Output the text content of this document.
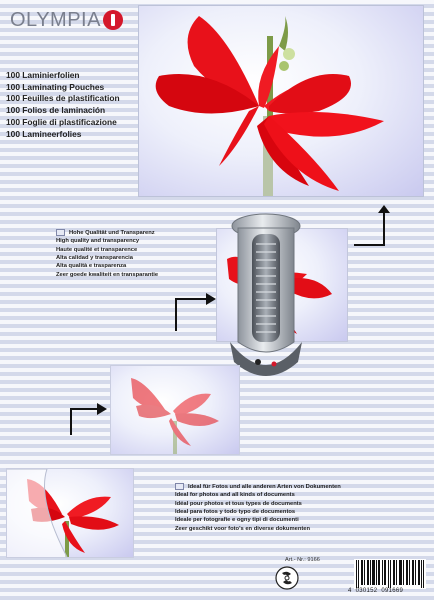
OLYMPIA
100 Laminierfolien
100 Laminating Pouches
100 Feuilles de plastification
100 Folios de laminación
100 Foglie di plastificazione
100 Lamineerfolies
Hohe Qualität und Transparenz
High quality and transparency
Haute qualité et transparence
Alta calidad y transparencia
Alta qualità e trasparenza
Zeer goede kwaliteit en transparantie
Ideal für Fotos und alle anderen Arten von Dokumenten
Ideal for photos and all kinds of documents
Idéal pour photos et tous types de documents
Ideal para fotos y todo typo de documentos
Ideale per fotografie e ogny tipi di documenti
Zeer geschikt voor foto's en diverse dokumenten
Art.- Nr.: 9166
4  030152  091669
